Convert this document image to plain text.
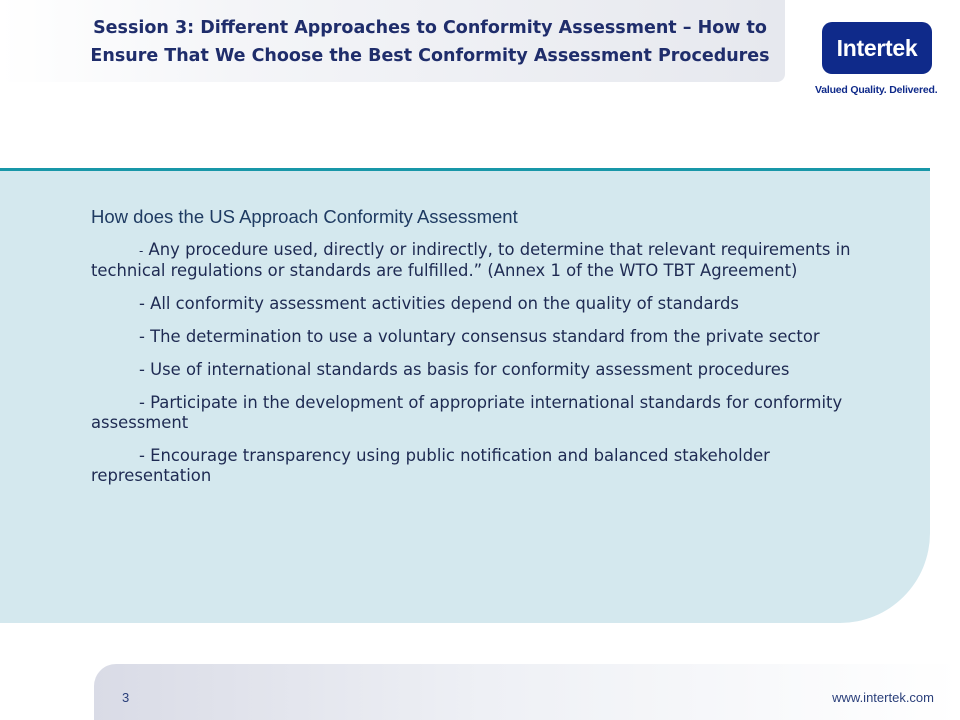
Session 3: Different Approaches to Conformity Assessment – How to
Ensure That We Choose the Best Conformity Assessment Procedures	Intertek
Valued Quality. Delivered.
How does the US Approach Conformity Assessment

- Any procedure used, directly or indirectly, to determine that relevant requirements in technical regulations or standards are fulfilled.” (Annex 1 of the WTO TBT Agreement)

- All conformity assessment activities depend on the quality of standards

- The determination to use a voluntary consensus standard from the private sector

- Use of international standards as basis for conformity assessment procedures

- Participate in the development of appropriate international standards for conformity assessment

- Encourage transparency using public notification and balanced stakeholder representation

3	www.intertek.com
